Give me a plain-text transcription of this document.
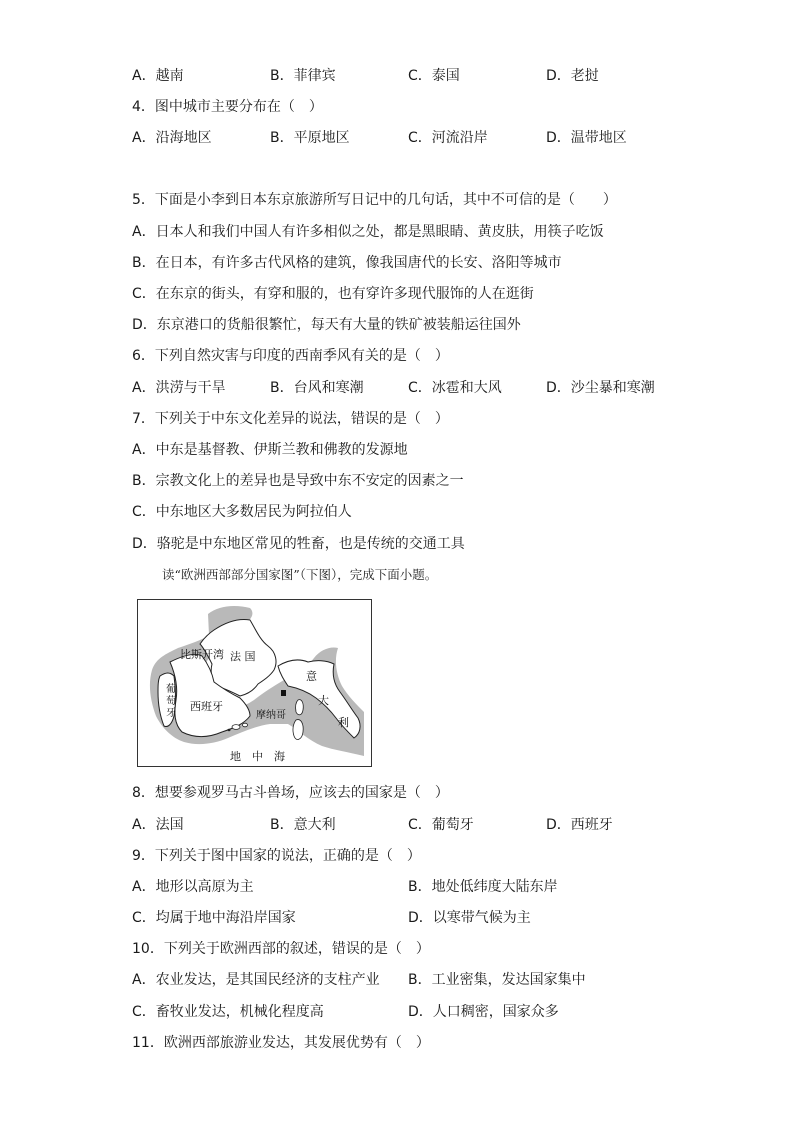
A．越南	B．菲律宾	C．泰国	D．老挝
4．图中城市主要分布在（　）
A．沿海地区	B．平原地区	C．河流沿岸	D．温带地区
5．下面是小李到日本东京旅游所写日记中的几句话，其中不可信的是（　　）
A．日本人和我们中国人有许多相似之处，都是黑眼睛、黄皮肤，用筷子吃饭
B．在日本，有许多古代风格的建筑，像我国唐代的长安、洛阳等城市
C．在东京的街头，有穿和服的，也有穿许多现代服饰的人在逛街
D．东京港口的货船很繁忙，每天有大量的铁矿被装船运往国外
6．下列自然灾害与印度的西南季风有关的是（　）
A．洪涝与干旱	B．台风和寒潮	C．冰雹和大风	D．沙尘暴和寒潮
7．下列关于中东文化差异的说法，错误的是（　）
A．中东是基督教、伊斯兰教和佛教的发源地
B．宗教文化上的差异也是导致中东不安定的因素之一
C．中东地区大多数居民为阿拉伯人
D．骆驼是中东地区常见的牲畜，也是传统的交通工具
读“欧洲西部部分国家图”（下图），完成下面小题。
比斯开湾 法 国
葡
萄
牙
西班牙
摩纳哥
意
大
利
地　中　海
8．想要参观罗马古斗兽场，应该去的国家是（　）
A．法国	B．意大利	C．葡萄牙	D．西班牙
9．下列关于图中国家的说法，正确的是（　）
A．地形以高原为主	B．地处低纬度大陆东岸
C．均属于地中海沿岸国家	D．以寒带气候为主
10．下列关于欧洲西部的叙述，错误的是（　）
A．农业发达，是其国民经济的支柱产业 B．工业密集，发达国家集中
C．畜牧业发达，机械化程度高	D．人口稠密，国家众多
11．欧洲西部旅游业发达，其发展优势有（　）
